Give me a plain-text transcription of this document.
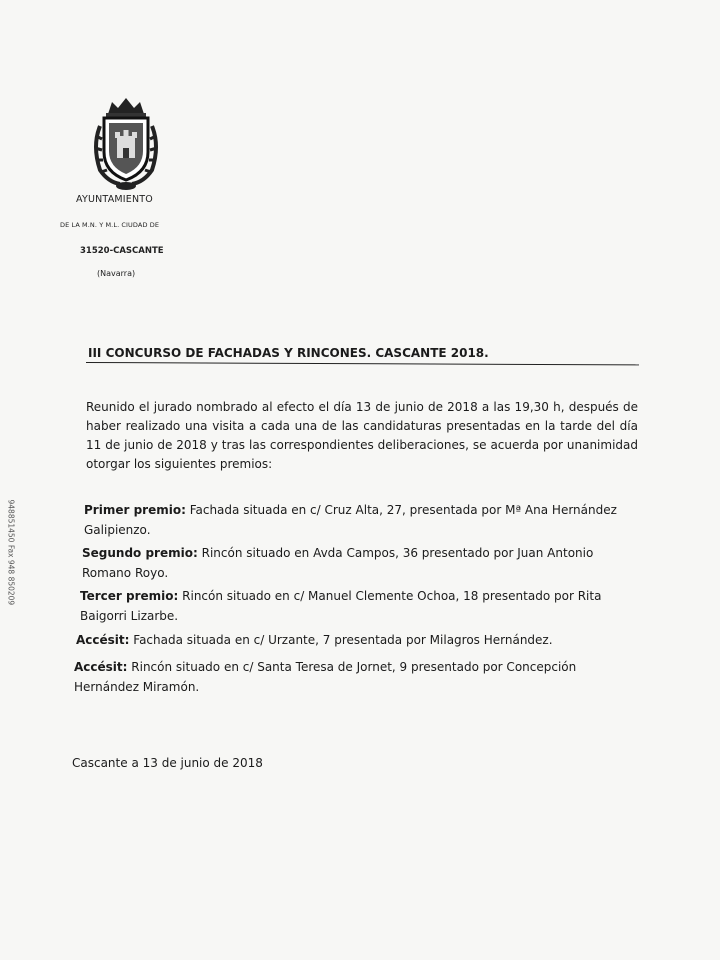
AYUNTAMIENTO
DE LA M.N. Y M.L. CIUDAD DE
31520-CASCANTE
(Navarra)
III CONCURSO DE FACHADAS Y RINCONES. CASCANTE 2018.
Reunido el jurado nombrado al efecto el día 13 de junio de 2018 a las 19,30 h, después de haber realizado una visita a cada una de las candidaturas presentadas en la tarde del día 11 de junio de 2018 y tras las correspondientes deliberaciones, se acuerda por unanimidad otorgar los siguientes premios:
Primer premio: Fachada situada en c/ Cruz Alta, 27, presentada por Mª Ana Hernández Galipienzo.
Segundo premio: Rincón situado en Avda Campos, 36 presentado por Juan Antonio Romano Royo.
Tercer premio: Rincón situado en c/ Manuel Clemente Ochoa, 18 presentado por Rita Baigorri Lizarbe.
Accésit: Fachada situada en c/ Urzante, 7 presentada por Milagros Hernández.
Accésit: Rincón situado en c/ Santa Teresa de Jornet, 9 presentado por Concepción Hernández Miramón.
Cascante a 13 de junio de 2018
948851450 Fax 948 850209
